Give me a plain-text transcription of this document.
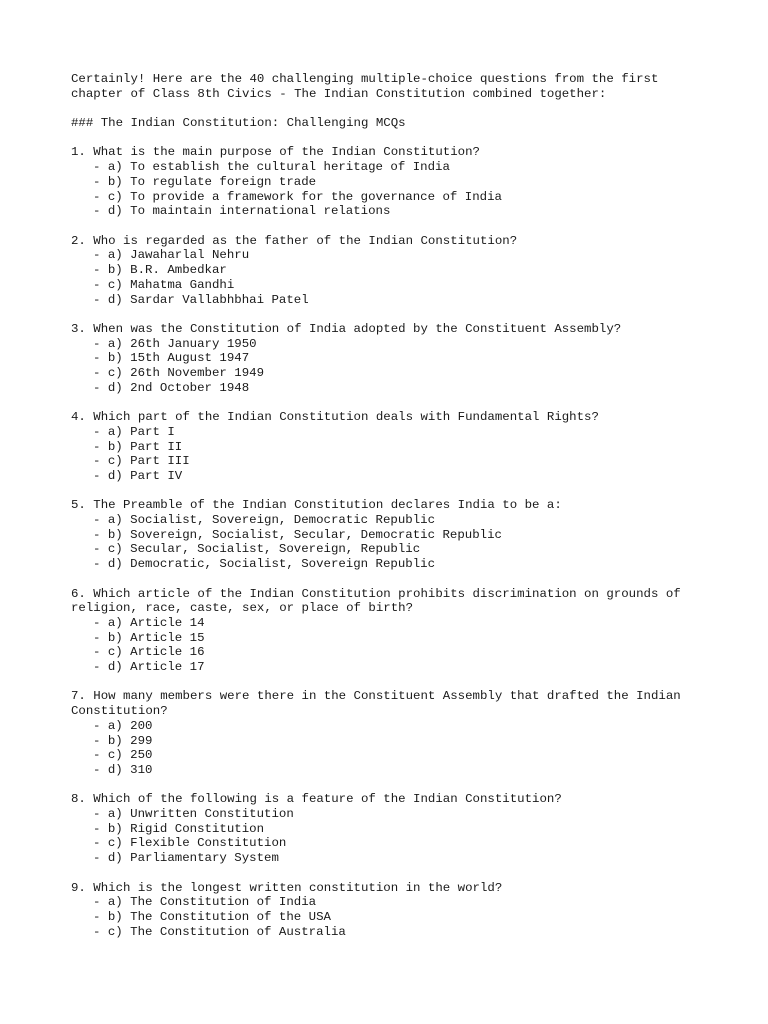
Certainly! Here are the 40 challenging multiple-choice questions from the first
chapter of Class 8th Civics - The Indian Constitution combined together:
### The Indian Constitution: Challenging MCQs
1. What is the main purpose of the Indian Constitution?
- a) To establish the cultural heritage of India
- b) To regulate foreign trade
- c) To provide a framework for the governance of India
- d) To maintain international relations
2. Who is regarded as the father of the Indian Constitution?
- a) Jawaharlal Nehru
- b) B.R. Ambedkar
- c) Mahatma Gandhi
- d) Sardar Vallabhbhai Patel
3. When was the Constitution of India adopted by the Constituent Assembly?
- a) 26th January 1950
- b) 15th August 1947
- c) 26th November 1949
- d) 2nd October 1948
4. Which part of the Indian Constitution deals with Fundamental Rights?
- a) Part I
- b) Part II
- c) Part III
- d) Part IV
5. The Preamble of the Indian Constitution declares India to be a:
- a) Socialist, Sovereign, Democratic Republic
- b) Sovereign, Socialist, Secular, Democratic Republic
- c) Secular, Socialist, Sovereign, Republic
- d) Democratic, Socialist, Sovereign Republic
6. Which article of the Indian Constitution prohibits discrimination on grounds of
religion, race, caste, sex, or place of birth?
- a) Article 14
- b) Article 15
- c) Article 16
- d) Article 17
7. How many members were there in the Constituent Assembly that drafted the Indian
Constitution?
- a) 200
- b) 299
- c) 250
- d) 310
8. Which of the following is a feature of the Indian Constitution?
- a) Unwritten Constitution
- b) Rigid Constitution
- c) Flexible Constitution
- d) Parliamentary System
9. Which is the longest written constitution in the world?
- a) The Constitution of India
- b) The Constitution of the USA
- c) The Constitution of Australia
